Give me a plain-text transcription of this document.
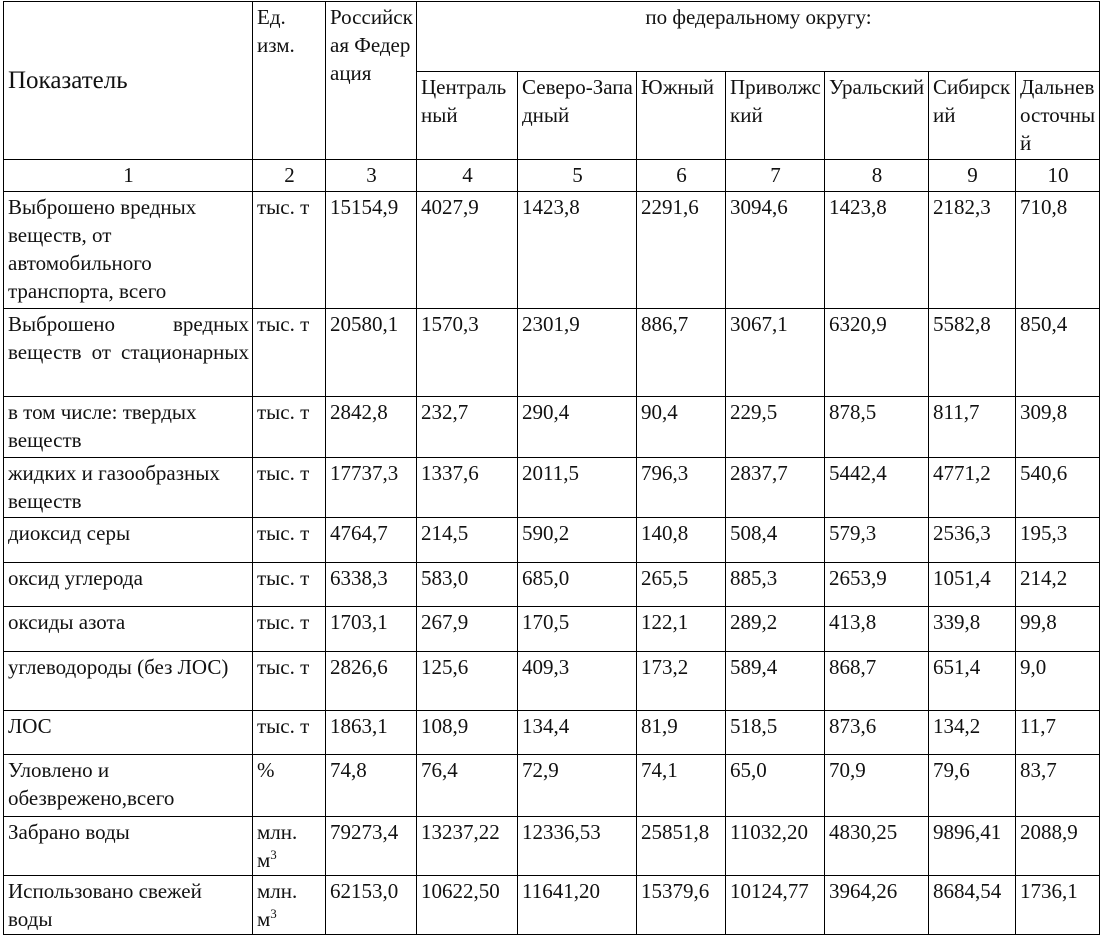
Показатель	Ед. изм.	Российская Федерация	по федеральному округу:						
			Центральный	Северо-Западный	Южный	Приволжский	Уральский	Сибирский	Дальневосточный
1	2	3	4	5	6	7	8	9	10
Выброшено вредных веществ, от автомобильного транспорта, всего	тыс. т	15154,9	4027,9	1423,8	2291,6	3094,6	1423,8	2182,3	710,8
Выброшено вредных веществ от стационарных	тыс. т	20580,1	1570,3	2301,9	886,7	3067,1	6320,9	5582,8	850,4
в том числе: твердых веществ	тыс. т	2842,8	232,7	290,4	90,4	229,5	878,5	811,7	309,8
жидких и газообразных веществ	тыс. т	17737,3	1337,6	2011,5	796,3	2837,7	5442,4	4771,2	540,6
диоксид серы	тыс. т	4764,7	214,5	590,2	140,8	508,4	579,3	2536,3	195,3
оксид углерода	тыс. т	6338,3	583,0	685,0	265,5	885,3	2653,9	1051,4	214,2
оксиды азота	тыс. т	1703,1	267,9	170,5	122,1	289,2	413,8	339,8	99,8
углеводороды (без ЛОС)	тыс. т	2826,6	125,6	409,3	173,2	589,4	868,7	651,4	9,0
ЛОС	тыс. т	1863,1	108,9	134,4	81,9	518,5	873,6	134,2	11,7
Уловлено и обезврежено,всего	%	74,8	76,4	72,9	74,1	65,0	70,9	79,6	83,7
Забрано воды	млн. $м^3$	79273,4	13237,22	12336,53	25851,8	11032,20	4830,25	9896,41	2088,9
Использовано свежей воды	млн. $м^3$	62153,0	10622,50	11641,20	15379,6	10124,77	3964,26	8684,54	1736,1
